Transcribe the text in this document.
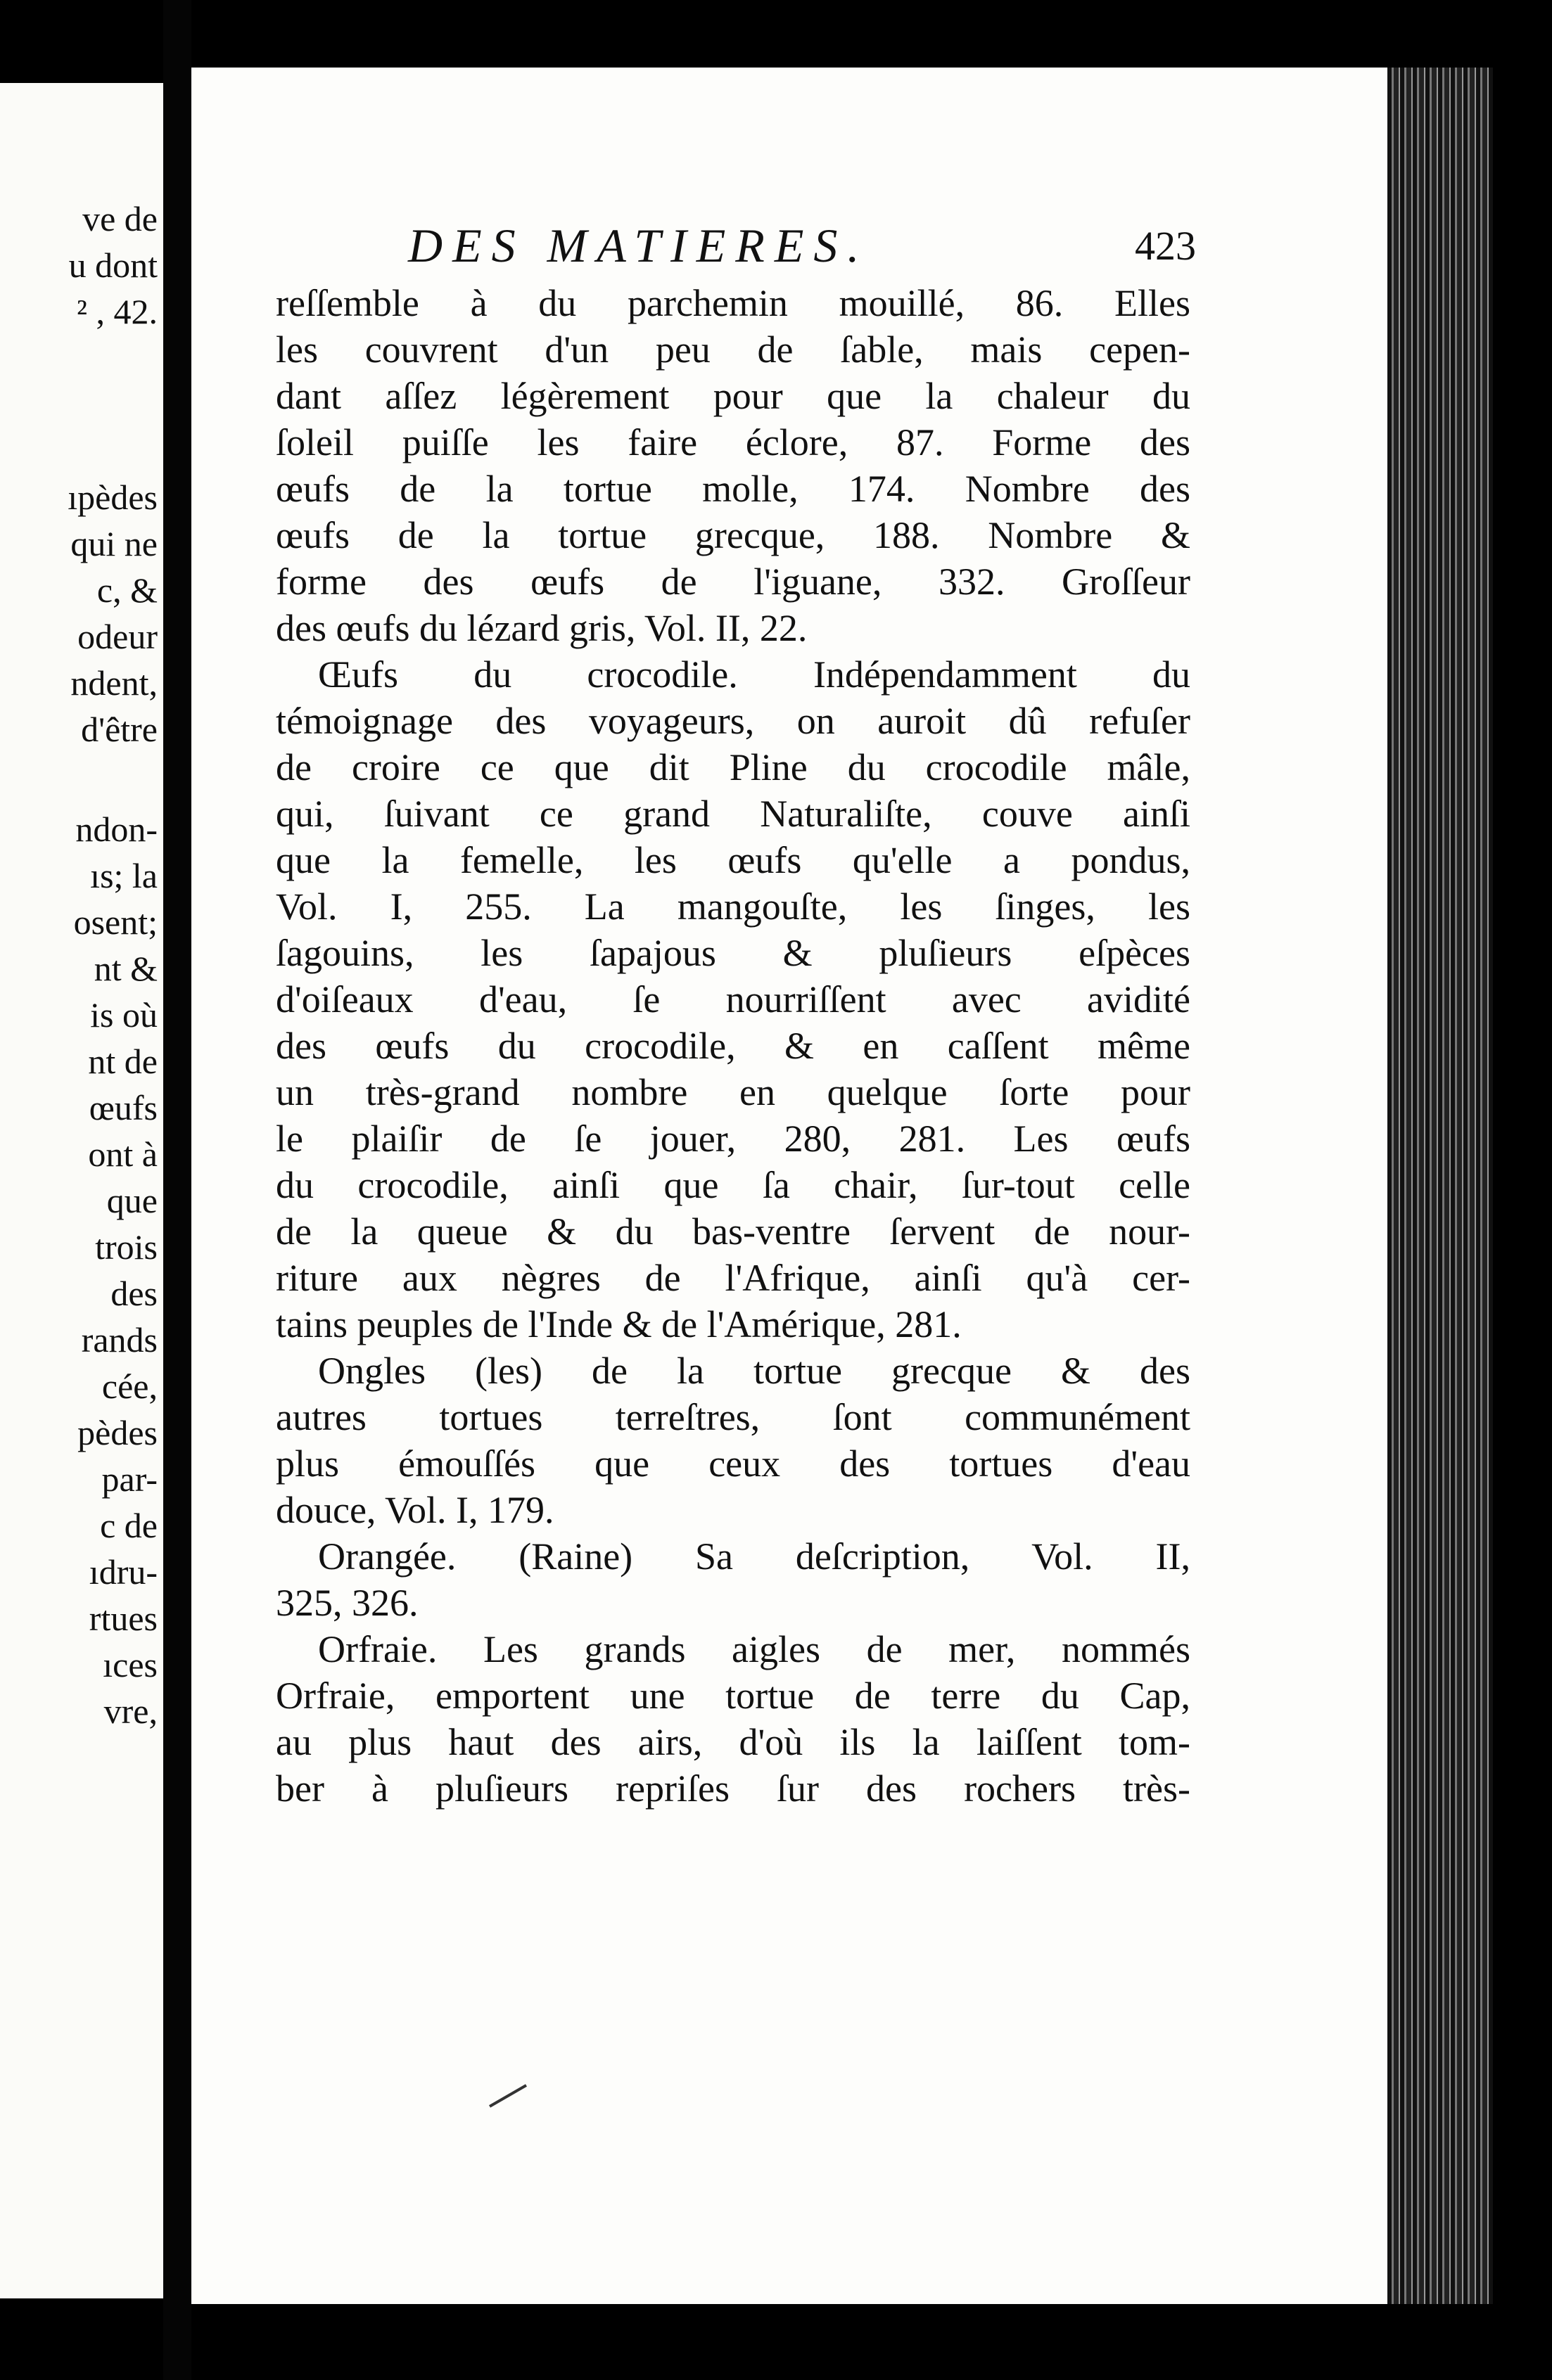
ve de
u dont
² , 42.
ıpèdes
qui ne
c, &
odeur
ndent,
d'être
ndon-
ıs; la
osent;
nt &
is où
nt de
œufs
ont à
que
trois
des
rands
cée,
pèdes
par-
c de
ıdru-
rtues
ıces
vre,
DES MATIERES.	423
reſſemble à du parchemin mouillé, 86. Elles
les couvrent d'un peu de ſable, mais cepen-
dant aſſez légèrement pour que la chaleur du
ſoleil puiſſe les faire éclore, 87. Forme des
œufs de la tortue molle, 174. Nombre des
œufs de la tortue grecque, 188. Nombre &
forme des œufs de l'iguane, 332. Groſſeur
des œufs du lézard gris, Vol. II, 22.
Œufs du crocodile. Indépendamment du
témoignage des voyageurs, on auroit dû refuſer
de croire ce que dit Pline du crocodile mâle,
qui, ſuivant ce grand Naturaliſte, couve ainſi
que la femelle, les œufs qu'elle a pondus,
Vol. I, 255. La mangouſte, les ſinges, les
ſagouins, les ſapajous & pluſieurs eſpèces
d'oiſeaux d'eau, ſe nourriſſent avec avidité
des œufs du crocodile, & en caſſent même
un très-grand nombre en quelque ſorte pour
le plaiſir de ſe jouer, 280, 281. Les œufs
du crocodile, ainſi que ſa chair, ſur-tout celle
de la queue & du bas-ventre ſervent de nour-
riture aux nègres de l'Afrique, ainſi qu'à cer-
tains peuples de l'Inde & de l'Amérique, 281.
Ongles (les) de la tortue grecque & des
autres tortues terreſtres, ſont communément
plus émouſſés que ceux des tortues d'eau
douce, Vol. I, 179.
Orangée. (Raine) Sa deſcription, Vol. II,
325, 326.
Orfraie. Les grands aigles de mer, nommés
Orfraie, emportent une tortue de terre du Cap,
au plus haut des airs, d'où ils la laiſſent tom-
ber à pluſieurs repriſes ſur des rochers très-
